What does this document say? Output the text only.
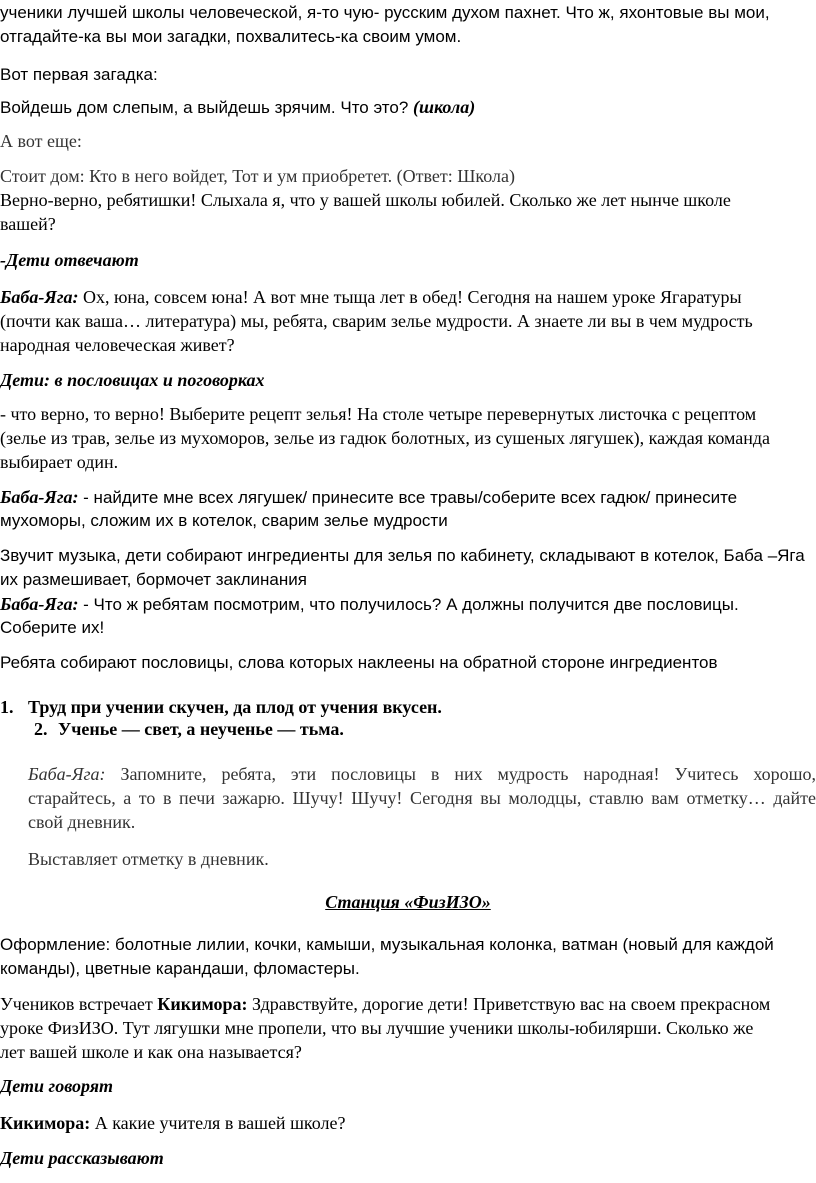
ученики лучшей школы человеческой, я-то чую- русским духом пахнет. Что ж, яхонтовые вы мои,
отгадайте-ка вы мои загадки, похвалитесь-ка своим умом.
Вот первая загадка:
Войдешь дом слепым, а выйдешь зрячим. Что это? (школа)
А вот еще:
Стоит дом: Кто в него войдет, Тот и ум приобретет. (Ответ: Школа)
Верно-верно, ребятишки! Слыхала я, что у вашей школы юбилей. Сколько же лет нынче школе
вашей?
-Дети отвечают
Баба-Яга: Ох, юна, совсем юна! А вот мне тыща лет в обед! Сегодня на нашем уроке Ягаратуры
(почти как ваша… литература) мы, ребята, сварим зелье мудрости. А знаете ли вы в чем мудрость
народная человеческая живет?
Дети: в пословицах и поговорках
- что верно, то верно! Выберите рецепт зелья! На столе четыре перевернутых листочка с рецептом
(зелье из трав, зелье из мухоморов, зелье из гадюк болотных, из сушеных лягушек), каждая команда
выбирает один.
Баба-Яга: - найдите мне всех лягушек/ принесите все травы/соберите всех гадюк/ принесите
мухоморы, сложим их в котелок, сварим зелье мудрости
Звучит музыка, дети собирают ингредиенты для зелья по кабинету, складывают в котелок, Баба –Яга
их размешивает, бормочет заклинания
Баба-Яга: - Что ж ребятам посмотрим, что получилось? А должны получится две пословицы.
Соберите их!
Ребята собирают пословицы, слова которых наклеены на обратной стороне ингредиентов
1. Труд при учении скучен, да плод от учения вкусен.
2. Ученье — свет, а неученье — тьма.
Баба-Яга: Запомните, ребята, эти пословицы в них мудрость народная! Учитесь хорошо,
старайтесь, а то в печи зажарю. Шучу! Шучу! Сегодня вы молодцы, ставлю вам отметку… дайте
свой дневник.
Выставляет отметку в дневник.
Станция «ФизИЗО»
Оформление: болотные лилии, кочки, камыши, музыкальная колонка, ватман (новый для каждой
команды), цветные карандаши, фломастеры.
Учеников встречает Кикимора: Здравствуйте, дорогие дети! Приветствую вас на своем прекрасном
уроке ФизИЗО. Тут лягушки мне пропели, что вы лучшие ученики школы-юбилярши. Сколько же
лет вашей школе и как она называется?
Дети говорят
Кикимора: А какие учителя в вашей школе?
Дети рассказывают
